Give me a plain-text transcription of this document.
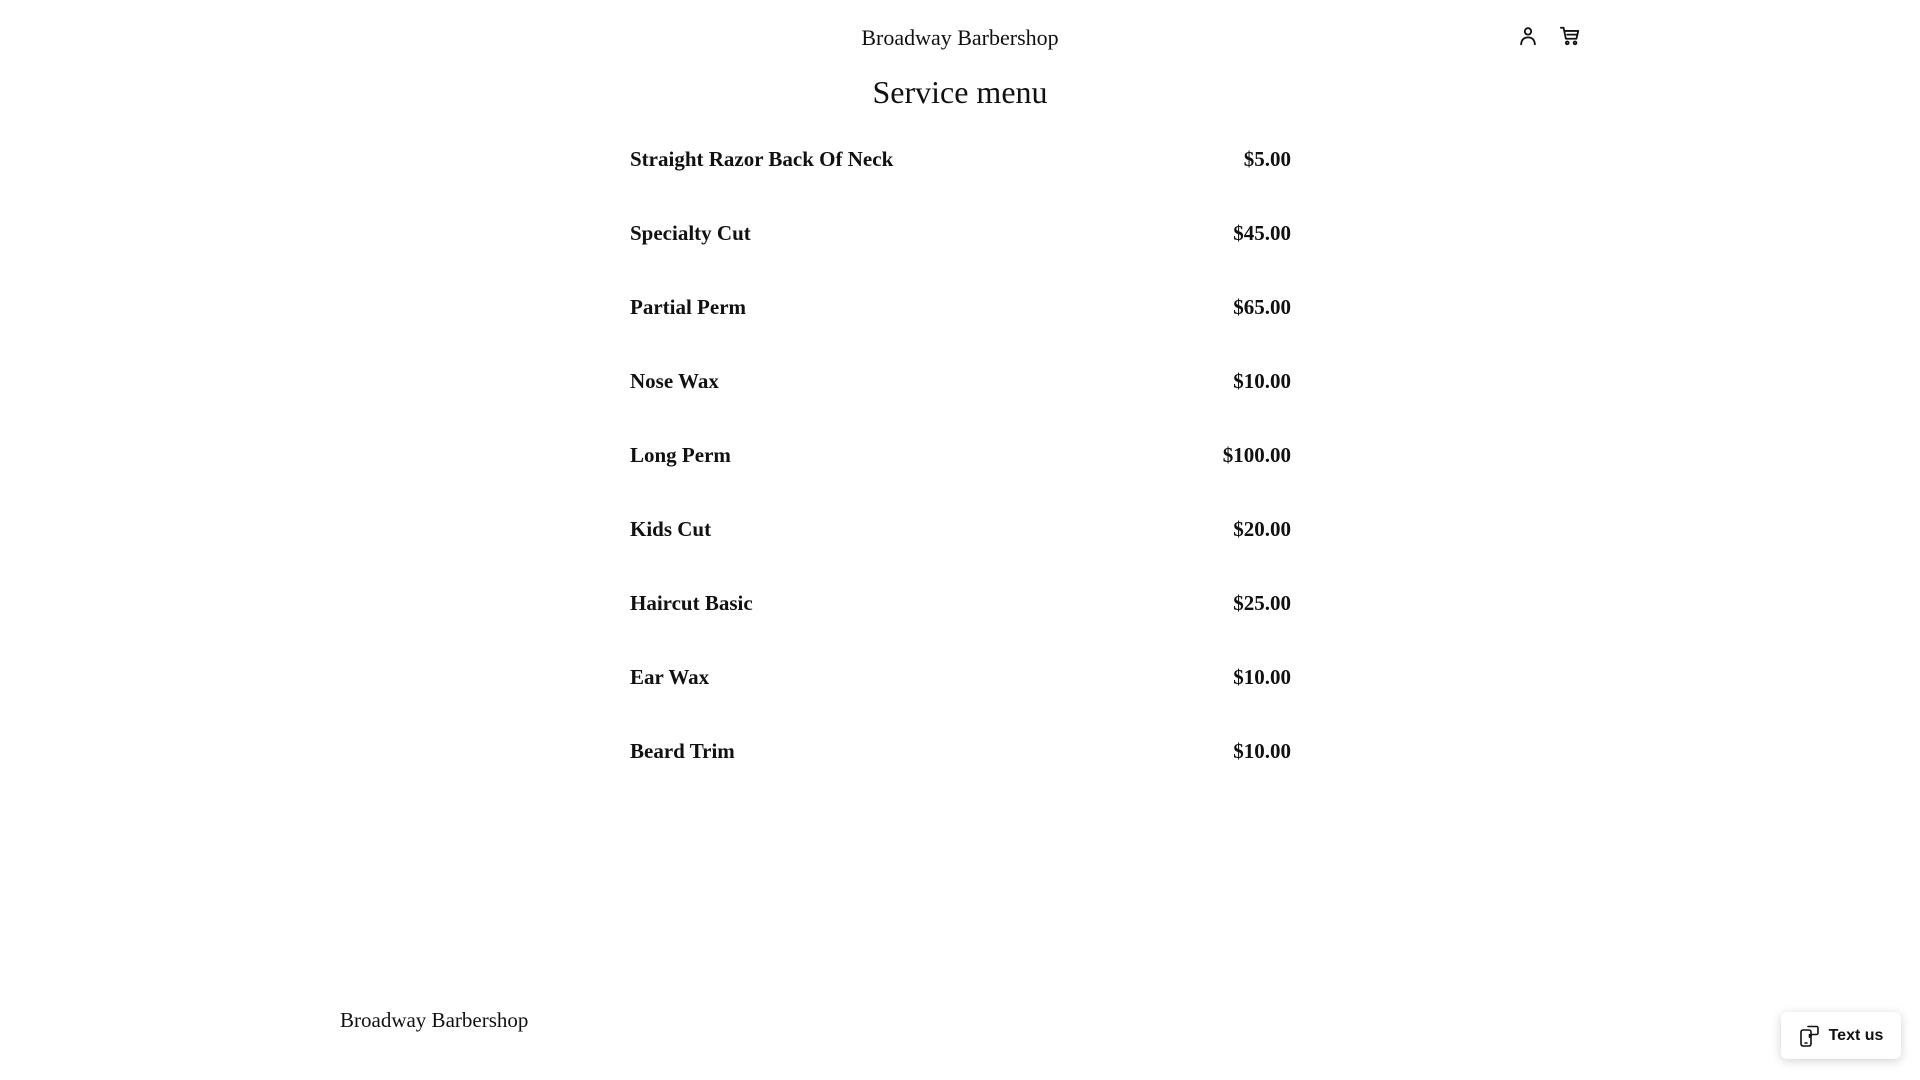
Broadway Barbershop
Service menu
Straight Razor Back Of Neck	$5.00
Specialty Cut	$45.00
Partial Perm	$65.00
Nose Wax	$10.00
Long Perm	$100.00
Kids Cut	$20.00
Haircut Basic	$25.00
Ear Wax	$10.00
Beard Trim	$10.00
Broadway Barbershop
Text us
